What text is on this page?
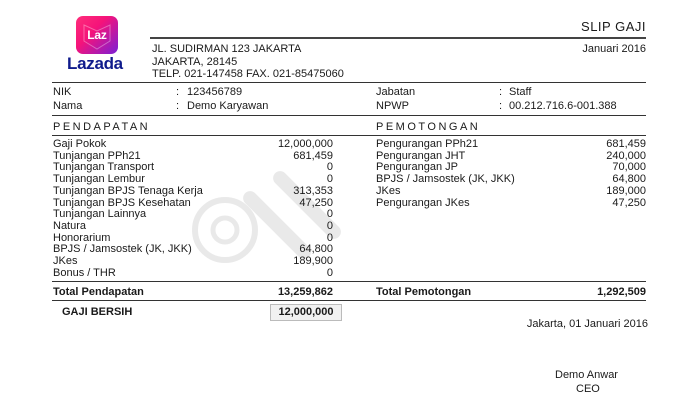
Laz
Lazada
SLIP GAJI
Januari 2016
JL. SUDIRMAN 123 JAKARTA
JAKARTA, 28145
TELP. 021-147458 FAX. 021-85475060
NIK	: 123456789
Nama	: Demo Karyawan
Jabatan	: Staff
NPWP	: 00.212.716.6-001.388
PENDAPATAN	PEMOTONGAN
Gaji Pokok	12,000,000
Tunjangan PPh21	681,459
Tunjangan Transport	0
Tunjangan Lembur	0
Tunjangan BPJS Tenaga Kerja	313,353
Tunjangan BPJS Kesehatan	47,250
Tunjangan Lainnya	0
Natura	0
Honorarium	0
BPJS / Jamsostek (JK, JKK)	64,800
JKes	189,900
Bonus / THR	0
Pengurangan PPh21	681,459
Pengurangan JHT	240,000
Pengurangan JP	70,000
BPJS / Jamsostek (JK, JKK)	64,800
JKes	189,000
Pengurangan JKes	47,250
Total Pendapatan	13,259,862	Total Pemotongan	1,292,509
GAJI BERSIH	12,000,000
Jakarta, 01 Januari 2016
Demo Anwar
CEO
